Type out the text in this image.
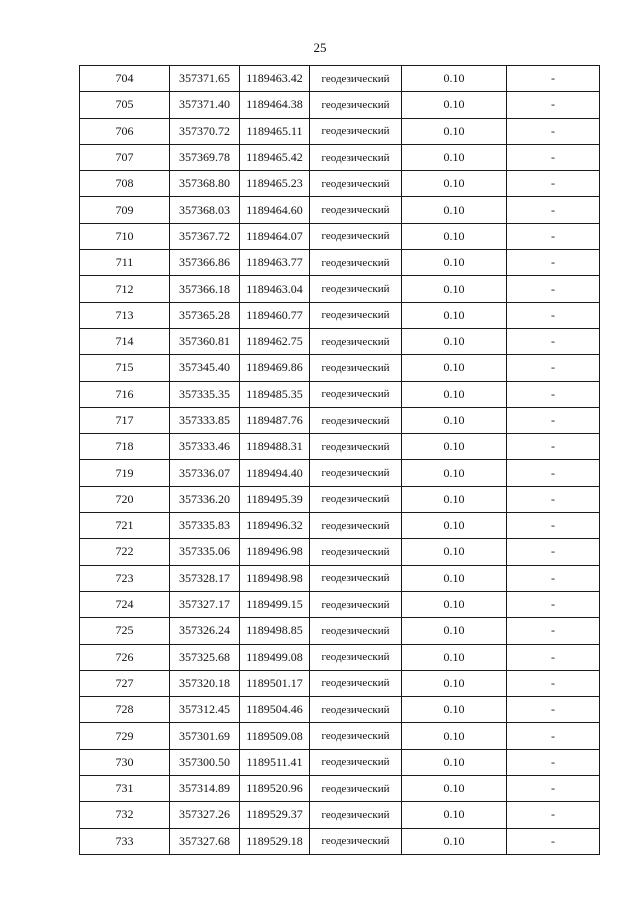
25
704	357371.65	1189463.42	геодезический	0.10	-
705	357371.40	1189464.38	геодезический	0.10	-
706	357370.72	1189465.11	геодезический	0.10	-
707	357369.78	1189465.42	геодезический	0.10	-
708	357368.80	1189465.23	геодезический	0.10	-
709	357368.03	1189464.60	геодезический	0.10	-
710	357367.72	1189464.07	геодезический	0.10	-
711	357366.86	1189463.77	геодезический	0.10	-
712	357366.18	1189463.04	геодезический	0.10	-
713	357365.28	1189460.77	геодезический	0.10	-
714	357360.81	1189462.75	геодезический	0.10	-
715	357345.40	1189469.86	геодезический	0.10	-
716	357335.35	1189485.35	геодезический	0.10	-
717	357333.85	1189487.76	геодезический	0.10	-
718	357333.46	1189488.31	геодезический	0.10	-
719	357336.07	1189494.40	геодезический	0.10	-
720	357336.20	1189495.39	геодезический	0.10	-
721	357335.83	1189496.32	геодезический	0.10	-
722	357335.06	1189496.98	геодезический	0.10	-
723	357328.17	1189498.98	геодезический	0.10	-
724	357327.17	1189499.15	геодезический	0.10	-
725	357326.24	1189498.85	геодезический	0.10	-
726	357325.68	1189499.08	геодезический	0.10	-
727	357320.18	1189501.17	геодезический	0.10	-
728	357312.45	1189504.46	геодезический	0.10	-
729	357301.69	1189509.08	геодезический	0.10	-
730	357300.50	1189511.41	геодезический	0.10	-
731	357314.89	1189520.96	геодезический	0.10	-
732	357327.26	1189529.37	геодезический	0.10	-
733	357327.68	1189529.18	геодезический	0.10	-
